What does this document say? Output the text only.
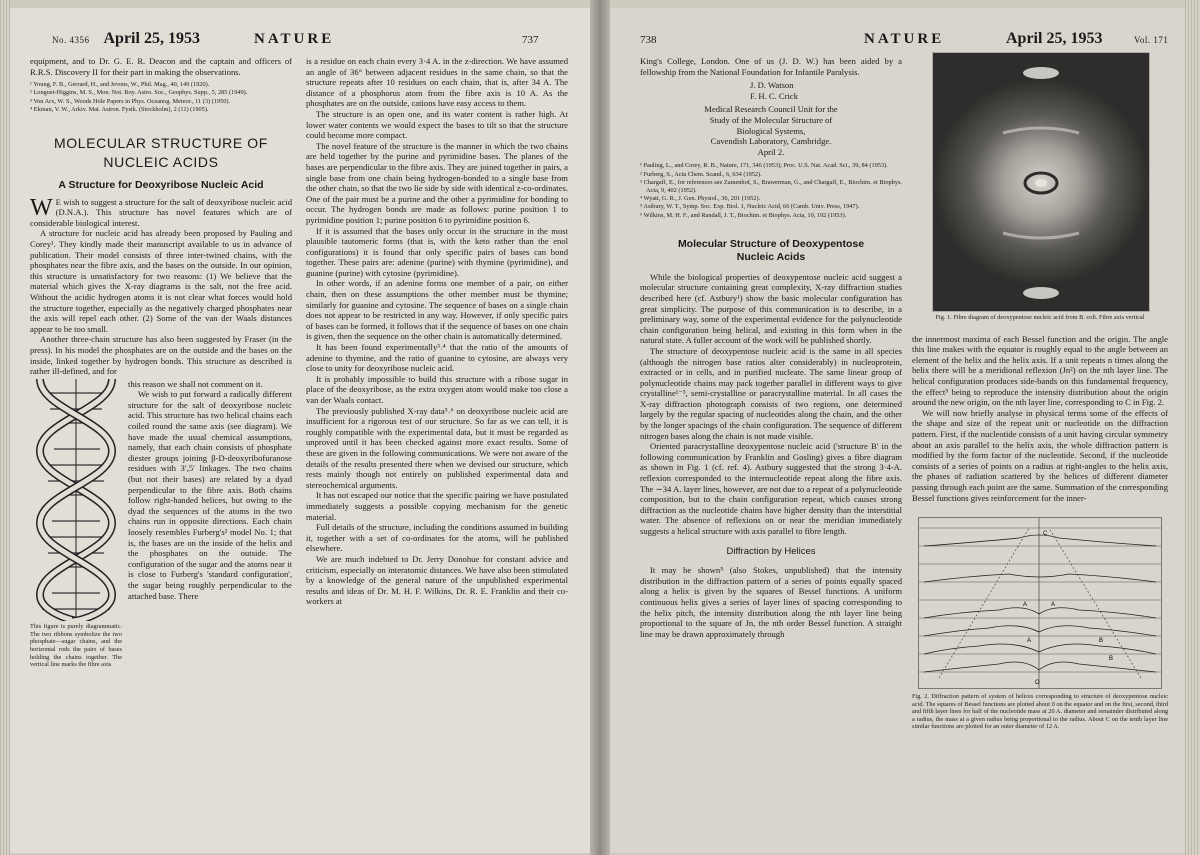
No. 4356 April 25, 1953	NATURE	737

equipment, and to Dr. G. E. R. Deacon and the captain and officers of R.R.S. Discovery II for their part in making the observations.

¹ Young, F. B., Gerrard, H., and Jevons, W., Phil. Mag., 40, 149 (1920).
² Longuet-Higgins, M. S., Mon. Not. Roy. Astro. Soc., Geophys. Supp., 5, 285 (1949).
³ Von Arx, W. S., Woods Hole Papers in Phys. Oceanog. Meteor., 11 (3) (1950).
⁴ Ekman, V. W., Arkiv. Mat. Astron. Fysik. (Stockholm), 2 (11) (1905).
MOLECULAR STRUCTURE OF
NUCLEIC ACIDS
A Structure for Deoxyribose Nucleic Acid

W E wish to suggest a structure for the salt of deoxyribose nucleic acid (D.N.A.). This structure has novel features which are of considerable biological interest.

A structure for nucleic acid has already been proposed by Pauling and Corey¹. They kindly made their manuscript available to us in advance of publication. Their model consists of three inter-twined chains, with the phosphates near the fibre axis, and the bases on the outside. In our opinion, this structure is unsatisfactory for two reasons: (1) We believe that the material which gives the X-ray diagrams is the salt, not the free acid. Without the acidic hydrogen atoms it is not clear what forces would hold the structure together, especially as the negatively charged phosphates near the axis will repel each other. (2) Some of the van der Waals distances appear to be too small.

Another three-chain structure has also been suggested by Fraser (in the press). In his model the phosphates are on the outside and the bases on the inside, linked together by hydrogen bonds. This structure as described is rather ill-defined, and for

This figure is purely diagrammatic. The two ribbons symbolize the two phosphate—sugar chains, and the horizontal rods the pairs of bases holding the chains together. The vertical line marks the fibre axis

this reason we shall not comment on it.

We wish to put forward a radically different structure for the salt of deoxyribose nucleic acid. This structure has two helical chains each coiled round the same axis (see diagram). We have made the usual chemical assumptions, namely, that each chain consists of phosphate diester groups joining β-D-deoxyribofuranose residues with 3′,5′ linkages. The two chains (but not their bases) are related by a dyad perpendicular to the fibre axis. Both chains follow right-handed helices, but owing to the dyad the sequences of the atoms in the two chains run in opposite directions. Each chain loosely resembles Furberg's² model No. 1; that is, the bases are on the inside of the helix and the phosphates on the outside. The configuration of the sugar and the atoms near it is close to Furberg's 'standard configuration', the sugar being roughly perpendicular to the attached base. There

is a residue on each chain every 3·4 A. in the z-direction. We have assumed an angle of 36° between adjacent residues in the same chain, so that the structure repeats after 10 residues on each chain, that is, after 34 A. The distance of a phosphorus atom from the fibre axis is 10 A. As the phosphates are on the outside, cations have easy access to them.

The structure is an open one, and its water content is rather high. At lower water contents we would expect the bases to tilt so that the structure could become more compact.

The novel feature of the structure is the manner in which the two chains are held together by the purine and pyrimidine bases. The planes of the bases are perpendicular to the fibre axis. They are joined together in pairs, a single base from one chain being hydrogen-bonded to a single base from the other chain, so that the two lie side by side with identical z-co-ordinates. One of the pair must be a purine and the other a pyrimidine for bonding to occur. The hydrogen bonds are made as follows: purine position 1 to pyrimidine position 1; purine position 6 to pyrimidine position 6.

If it is assumed that the bases only occur in the structure in the most plausible tautomeric forms (that is, with the keto rather than the enol configurations) it is found that only specific pairs of bases can bond together. These pairs are: adenine (purine) with thymine (pyrimidine), and guanine (purine) with cytosine (pyrimidine).

In other words, if an adenine forms one member of a pair, on either chain, then on these assumptions the other member must be thymine; similarly for guanine and cytosine. The sequence of bases on a single chain does not appear to be restricted in any way. However, if only specific pairs of bases can be formed, it follows that if the sequence of bases on one chain is given, then the sequence on the other chain is automatically determined.

It has been found experimentally³˒⁴ that the ratio of the amounts of adenine to thymine, and the ratio of guanine to cytosine, are always very close to unity for deoxyribose nucleic acid.

It is probably impossible to build this structure with a ribose sugar in place of the deoxyribose, as the extra oxygen atom would make too close a van der Waals contact.

The previously published X-ray data⁵˒⁶ on deoxyribose nucleic acid are insufficient for a rigorous test of our structure. So far as we can tell, it is roughly compatible with the experimental data, but it must be regarded as unproved until it has been checked against more exact results. Some of these are given in the following communications. We were not aware of the details of the results presented there when we devised our structure, which rests mainly though not entirely on published experimental data and stereochemical arguments.

It has not escaped our notice that the specific pairing we have postulated immediately suggests a possible copying mechanism for the genetic material.

Full details of the structure, including the conditions assumed in building it, together with a set of co-ordinates for the atoms, will be published elsewhere.

We are much indebted to Dr. Jerry Donohue for constant advice and criticism, especially on interatomic distances. We have also been stimulated by a knowledge of the general nature of the unpublished experimental results and ideas of Dr. M. H. F. Wilkins, Dr. R. E. Franklin and their co-workers at

738	NATURE	April 25, 1953	Vol. 171

King's College, London. One of us (J. D. W.) has been aided by a fellowship from the National Foundation for Infantile Paralysis.

J. D. Watson
F. H. C. Crick
Medical Research Council Unit for the
Study of the Molecular Structure of
Biological Systems,
Cavendish Laboratory, Cambridge.
April 2.
¹ Pauling, L., and Corey, R. B., Nature, 171, 346 (1953); Proc. U.S. Nat. Acad. Sci., 39, 84 (1953).
² Furberg, S., Acta Chem. Scand., 6, 634 (1952).
³ Chargaff, E., for references see Zamenhof, S., Brawerman, G., and Chargaff, E., Biochim. et Biophys. Acta, 9, 402 (1952).
⁴ Wyatt, G. R., J. Gen. Physiol., 36, 201 (1952).
⁵ Astbury, W. T., Symp. Soc. Exp. Biol. 1, Nucleic Acid, 66 (Camb. Univ. Press, 1947).
⁶ Wilkins, M. H. F., and Randall, J. T., Biochim. et Biophys. Acta, 10, 192 (1953).
Molecular Structure of Deoxypentose
Nucleic Acids

While the biological properties of deoxypentose nucleic acid suggest a molecular structure containing great complexity, X-ray diffraction studies described here (cf. Astbury¹) show the basic molecular configuration has great simplicity. The purpose of this communication is to describe, in a preliminary way, some of the experimental evidence for the polynucleotide chain configuration being helical, and existing in this form when in the natural state. A fuller account of the work will be published shortly.

The structure of deoxypentose nucleic acid is the same in all species (although the nitrogen base ratios alter considerably) in nucleoprotein, extracted or in cells, and in purified nucleate. The same linear group of polynucleotide chains may pack together parallel in different ways to give crystalline¹⁻³, semi-crystalline or paracrystalline material. In all cases the X-ray diffraction photograph consists of two regions, one determined largely by the regular spacing of nucleotides along the chain, and the other by the longer spacings of the chain configuration. The sequence of different nitrogen bases along the chain is not made visible.

Oriented paracrystalline deoxypentose nucleic acid ('structure B' in the following communication by Franklin and Gosling) gives a fibre diagram as shown in Fig. 1 (cf. ref. 4). Astbury suggested that the strong 3·4-A. reflexion corresponded to the internucleotide repeat along the fibre axis. The ∼34 A. layer lines, however, are not due to a repeat of a polynucleotide composition, but to the chain configuration repeat, which causes strong diffraction as the nucleotide chains have higher density than the interstitial water. The absence of reflexions on or near the meridian immediately suggests a helical structure with axis parallel to fibre length.

Diffraction by Helices

It may be shown⁵ (also Stokes, unpublished) that the intensity distribution in the diffraction pattern of a series of points equally spaced along a helix is given by the squares of Bessel functions. A uniform continuous helix gives a series of layer lines of spacing corresponding to the helix pitch, the intensity distribution along the nth layer line being proportional to the square of Jn, the nth order Bessel function. A straight line may be drawn approximately through

Fig. 1. Fibre diagram of deoxypentose nucleic acid from B. coli. Fibre axis vertical

the innermost maxima of each Bessel function and the origin. The angle this line makes with the equator is roughly equal to the angle between an element of the helix and the helix axis. If a unit repeats n times along the helix there will be a meridional reflexion (Jn²) on the nth layer line. The helical configuration produces side-bands on this fundamental frequency, the effect⁵ being to reproduce the intensity distribution about the origin around the new origin, on the nth layer line, corresponding to C in Fig. 2.

We will now briefly analyse in physical terms some of the effects of the shape and size of the repeat unit or nucleotide on the diffraction pattern. First, if the nucleotide consists of a unit having circular symmetry about an axis parallel to the helix axis, the whole diffraction pattern is modified by the form factor of the nucleotide. Second, if the nucleotide consists of a series of points on a radius at right-angles to the helix axis, the phases of radiation scattered by the helices of different diameter passing through each point are the same. Summation of the corresponding Bessel functions gives reinforcement for the inner-

C
A	A
A	B
B
O
Fig. 2. Diffraction pattern of system of helices corresponding to structure of deoxypentose nucleic acid. The squares of Bessel functions are plotted about 0 on the equator and on the first, second, third and fifth layer lines for half of the nucleotide mass at 20 A. diameter and remainder distributed along a radius, the mass at a given radius being proportional to the radius. About C on the tenth layer line similar functions are plotted for an outer diameter of 12 A.
